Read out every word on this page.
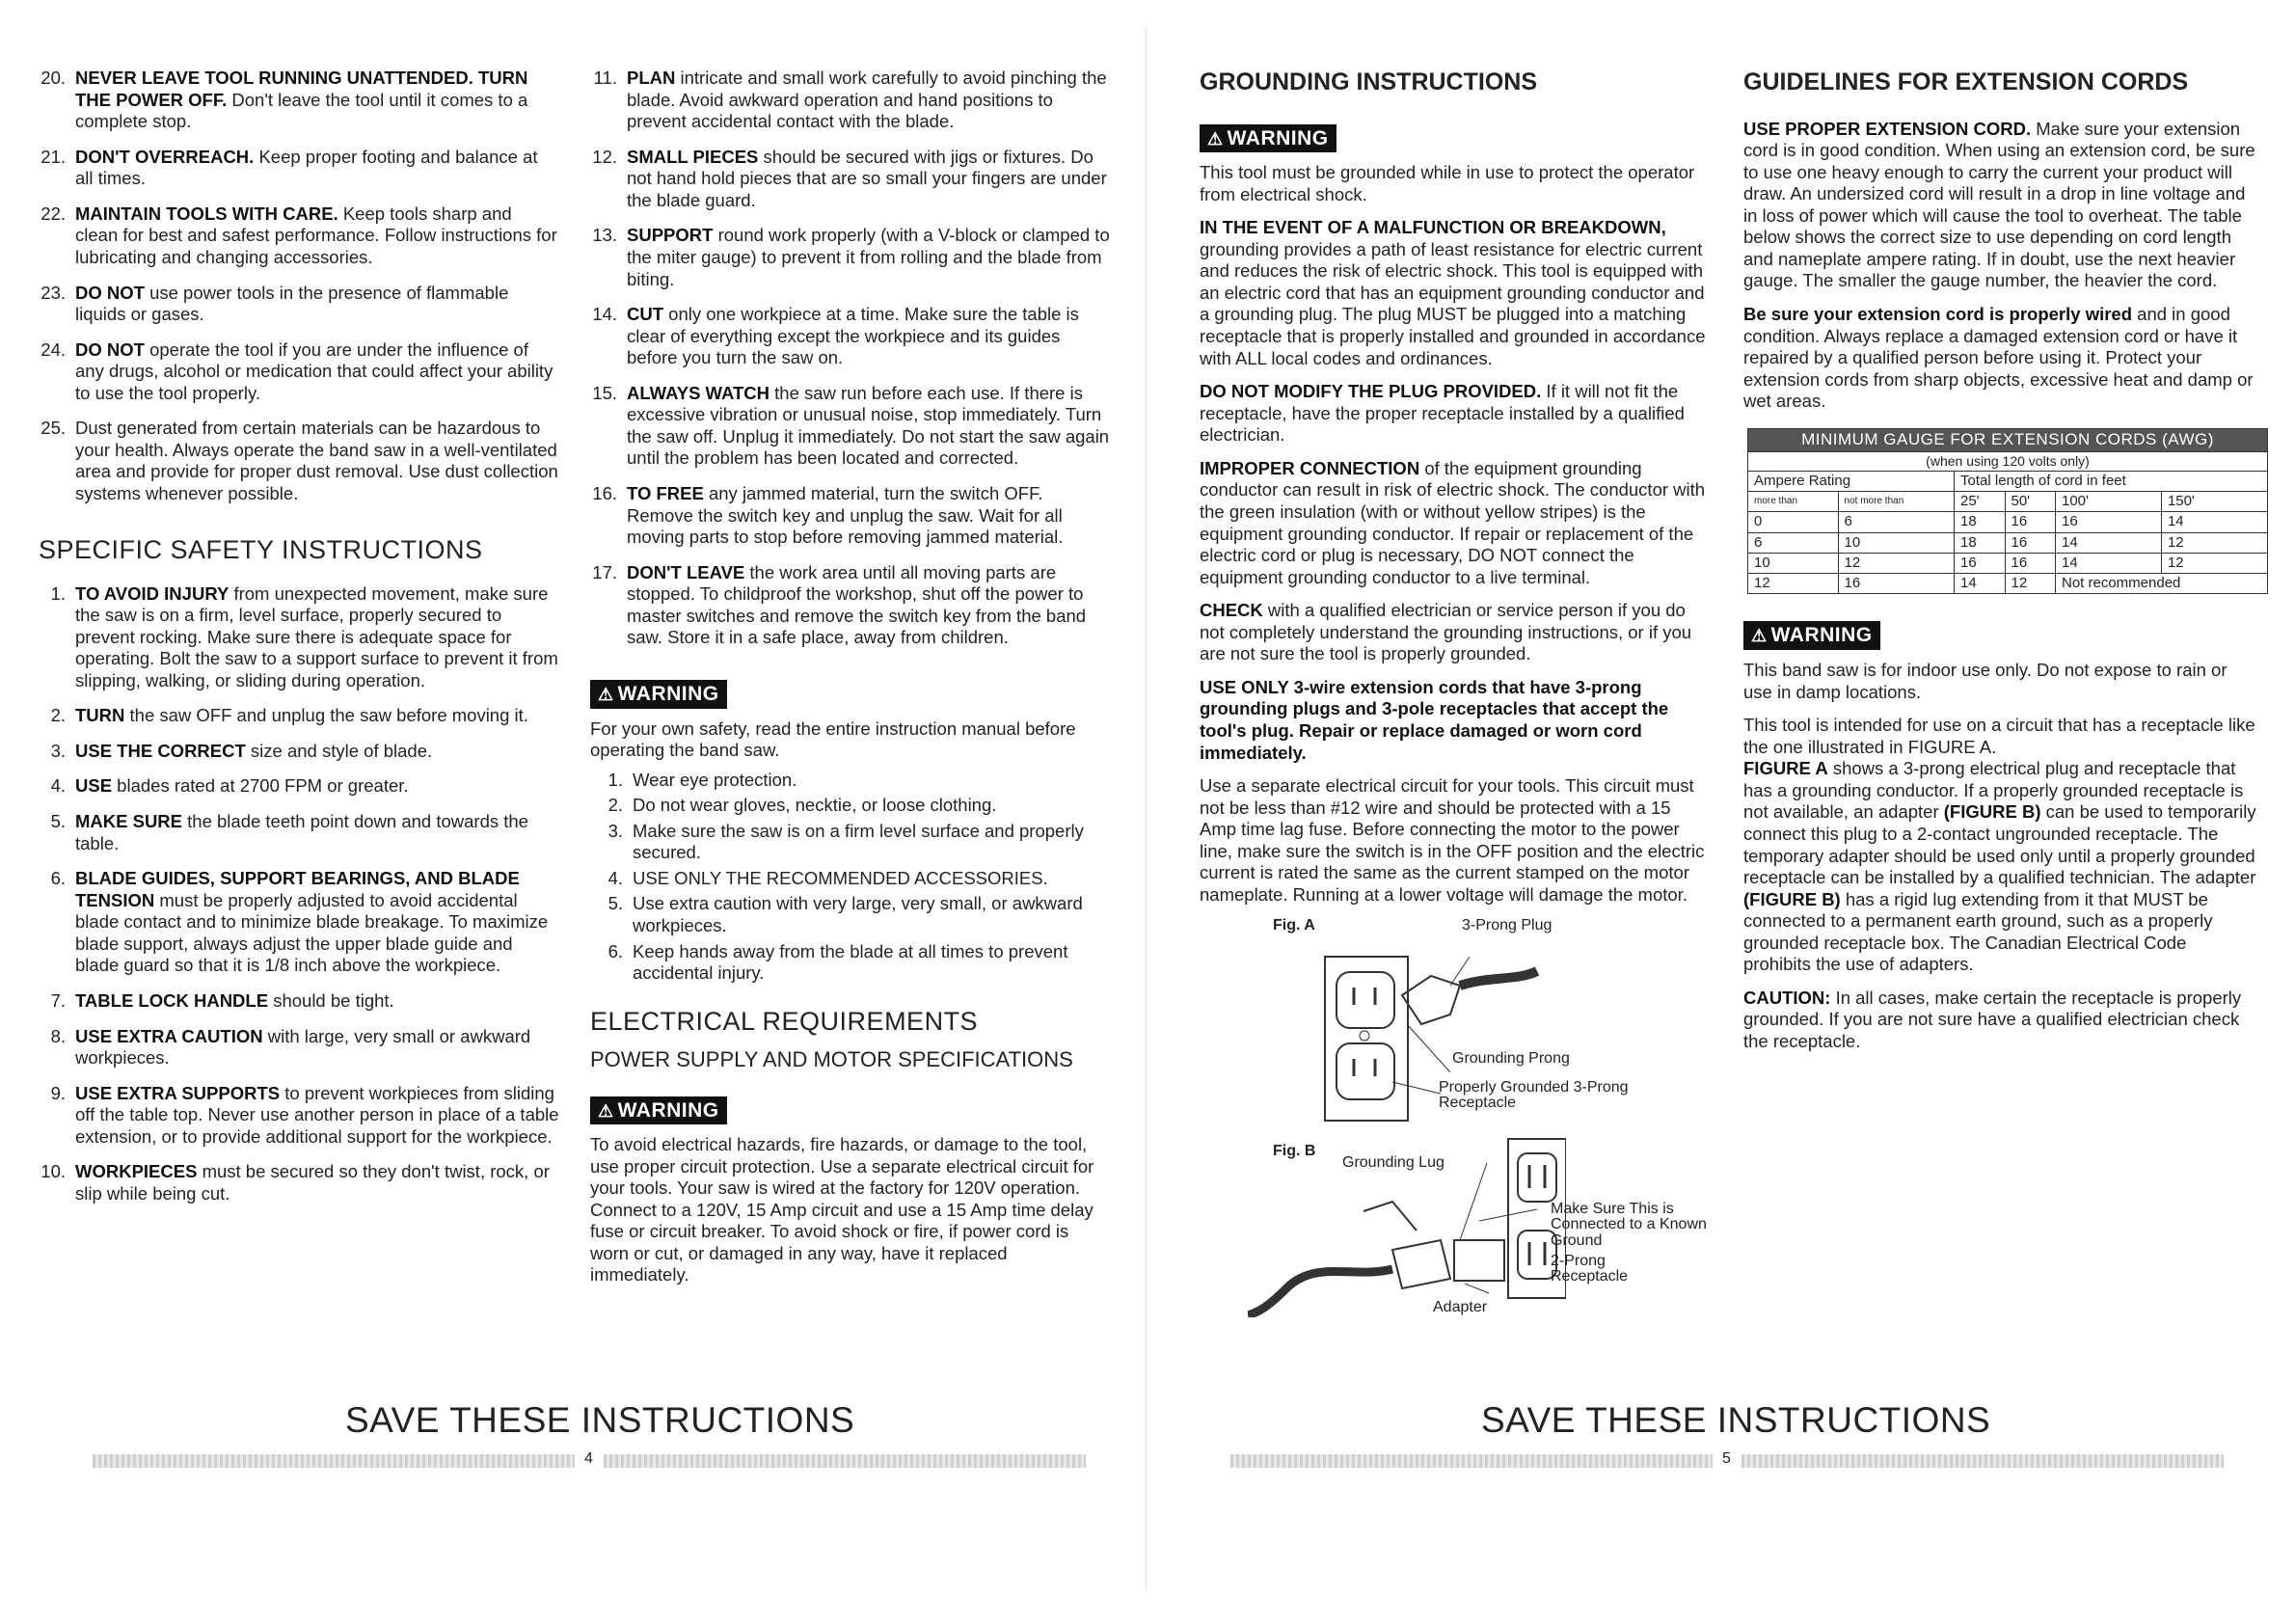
20. NEVER LEAVE TOOL RUNNING UNATTENDED. TURN THE POWER OFF. Don't leave the tool until it comes to a complete stop.
21. DON'T OVERREACH. Keep proper footing and balance at all times.
22. MAINTAIN TOOLS WITH CARE. Keep tools sharp and clean for best and safest performance. Follow instructions for lubricating and changing accessories.
23. DO NOT use power tools in the presence of flammable liquids or gases.
24. DO NOT operate the tool if you are under the influence of any drugs, alcohol or medication that could affect your ability to use the tool properly.
25. Dust generated from certain materials can be hazardous to your health. Always operate the band saw in a well-ventilated area and provide for proper dust removal. Use dust collection systems whenever possible.
SPECIFIC SAFETY INSTRUCTIONS
1. TO AVOID INJURY from unexpected movement, make sure the saw is on a firm, level surface, properly secured to prevent rocking. Make sure there is adequate space for operating. Bolt the saw to a support surface to prevent it from slipping, walking, or sliding during operation.
2. TURN the saw OFF and unplug the saw before moving it.
3. USE THE CORRECT size and style of blade.
4. USE blades rated at 2700 FPM or greater.
5. MAKE SURE the blade teeth point down and towards the table.
6. BLADE GUIDES, SUPPORT BEARINGS, AND BLADE TENSION must be properly adjusted to avoid accidental blade contact and to minimize blade breakage. To maximize blade support, always adjust the upper blade guide and blade guard so that it is 1/8 inch above the workpiece.
7. TABLE LOCK HANDLE should be tight.
8. USE EXTRA CAUTION with large, very small or awkward workpieces.
9. USE EXTRA SUPPORTS to prevent workpieces from sliding off the table top. Never use another person in place of a table extension, or to provide additional support for the workpiece.
10. WORKPIECES must be secured so they don't twist, rock, or slip while being cut.
11. PLAN intricate and small work carefully to avoid pinching the blade. Avoid awkward operation and hand positions to prevent accidental contact with the blade.
12. SMALL PIECES should be secured with jigs or fixtures. Do not hand hold pieces that are so small your fingers are under the blade guard.
13. SUPPORT round work properly (with a V-block or clamped to the miter gauge) to prevent it from rolling and the blade from biting.
14. CUT only one workpiece at a time. Make sure the table is clear of everything except the workpiece and its guides before you turn the saw on.
15. ALWAYS WATCH the saw run before each use. If there is excessive vibration or unusual noise, stop immediately. Turn the saw off. Unplug it immediately. Do not start the saw again until the problem has been located and corrected.
16. TO FREE any jammed material, turn the switch OFF. Remove the switch key and unplug the saw. Wait for all moving parts to stop before removing jammed material.
17. DON'T LEAVE the work area until all moving parts are stopped. To childproof the workshop, shut off the power to master switches and remove the switch key from the band saw. Store it in a safe place, away from children.
⚠ WARNING
For your own safety, read the entire instruction manual before operating the band saw.
1. Wear eye protection.
2. Do not wear gloves, necktie, or loose clothing.
3. Make sure the saw is on a firm level surface and properly secured.
4. USE ONLY THE RECOMMENDED ACCESSORIES.
5. Use extra caution with very large, very small, or awkward workpieces.
6. Keep hands away from the blade at all times to prevent accidental injury.
ELECTRICAL REQUIREMENTS
POWER SUPPLY AND MOTOR SPECIFICATIONS
⚠ WARNING
To avoid electrical hazards, fire hazards, or damage to the tool, use proper circuit protection. Use a separate electrical circuit for your tools. Your saw is wired at the factory for 120V operation. Connect to a 120V, 15 Amp circuit and use a 15 Amp time delay fuse or circuit breaker. To avoid shock or fire, if power cord is worn or cut, or damaged in any way, have it replaced immediately.
SAVE THESE INSTRUCTIONS
4
GROUNDING INSTRUCTIONS
⚠ WARNING
This tool must be grounded while in use to protect the operator from electrical shock.
IN THE EVENT OF A MALFUNCTION OR BREAKDOWN, grounding provides a path of least resistance for electric current and reduces the risk of electric shock. This tool is equipped with an electric cord that has an equipment grounding conductor and a grounding plug. The plug MUST be plugged into a matching receptacle that is properly installed and grounded in accordance with ALL local codes and ordinances.
DO NOT MODIFY THE PLUG PROVIDED. If it will not fit the receptacle, have the proper receptacle installed by a qualified electrician.
IMPROPER CONNECTION of the equipment grounding conductor can result in risk of electric shock. The conductor with the green insulation (with or without yellow stripes) is the equipment grounding conductor. If repair or replacement of the electric cord or plug is necessary, DO NOT connect the equipment grounding conductor to a live terminal.
CHECK with a qualified electrician or service person if you do not completely understand the grounding instructions, or if you are not sure the tool is properly grounded.
USE ONLY 3-wire extension cords that have 3-prong grounding plugs and 3-pole receptacles that accept the tool's plug. Repair or replace damaged or worn cord immediately.
Use a separate electrical circuit for your tools. This circuit must not be less than #12 wire and should be protected with a 15 Amp time lag fuse. Before connecting the motor to the power line, make sure the switch is in the OFF position and the electric current is rated the same as the current stamped on the motor nameplate. Running at a lower voltage will damage the motor.
Fig. A	3-Prong Plug
Grounding Prong
Properly Grounded 3-Prong Receptacle
Fig. B
Grounding Lug
Make Sure This is Connected to a Known Ground
2-Prong Receptacle
Adapter
GUIDELINES FOR EXTENSION CORDS
USE PROPER EXTENSION CORD. Make sure your extension cord is in good condition. When using an extension cord, be sure to use one heavy enough to carry the current your product will draw. An undersized cord will result in a drop in line voltage and in loss of power which will cause the tool to overheat. The table below shows the correct size to use depending on cord length and nameplate ampere rating. If in doubt, use the next heavier gauge. The smaller the gauge number, the heavier the cord.
Be sure your extension cord is properly wired and in good condition. Always replace a damaged extension cord or have it repaired by a qualified person before using it. Protect your extension cords from sharp objects, excessive heat and damp or wet areas.
MINIMUM GAUGE FOR EXTENSION CORDS (AWG)					
(when using 120 volts only)					
Ampere Rating		Total length of cord in feet			
more than	not more than	25'	50'	100'	150'
0	6	18	16	16	14
6	10	18	16	14	12
10	12	16	16	14	12
12	16	14	12	Not recommended	
⚠ WARNING
This band saw is for indoor use only. Do not expose to rain or use in damp locations.
This tool is intended for use on a circuit that has a receptacle like the one illustrated in FIGURE A.
FIGURE A shows a 3-prong electrical plug and receptacle that has a grounding conductor. If a properly grounded receptacle is not available, an adapter (FIGURE B) can be used to temporarily connect this plug to a 2-contact ungrounded receptacle. The temporary adapter should be used only until a properly grounded receptacle can be installed by a qualified technician. The adapter (FIGURE B) has a rigid lug extending from it that MUST be connected to a permanent earth ground, such as a properly grounded receptacle box. The Canadian Electrical Code prohibits the use of adapters.
CAUTION: In all cases, make certain the receptacle is properly grounded. If you are not sure have a qualified electrician check the receptacle.
SAVE THESE INSTRUCTIONS
5
